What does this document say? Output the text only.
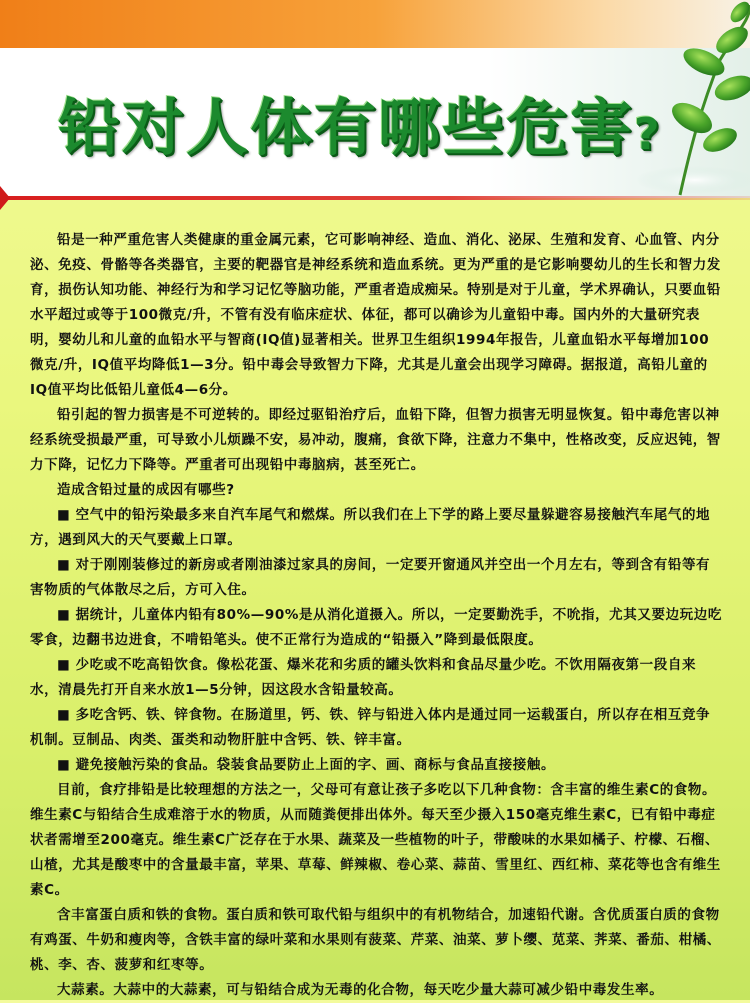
铅对人体有哪些危害?

铅是一种严重危害人类健康的重金属元素，它可影响神经、造血、消化、泌尿、生殖和发育、心血管、内分泌、免疫、骨骼等各类器官，主要的靶器官是神经系统和造血系统。更为严重的是它影响婴幼儿的生长和智力发育，损伤认知功能、神经行为和学习记忆等脑功能，严重者造成痴呆。特别是对于儿童，学术界确认，只要血铅水平超过或等于100微克/升，不管有没有临床症状、体征，都可以确诊为儿童铅中毒。国内外的大量研究表明，婴幼儿和儿童的血铅水平与智商(IQ值)显著相关。世界卫生组织1994年报告，儿童血铅水平每增加100微克/升，IQ值平均降低1—3分。铅中毒会导致智力下降，尤其是儿童会出现学习障碍。据报道，高铅儿童的IQ值平均比低铅儿童低4—6分。

铅引起的智力损害是不可逆转的。即经过驱铅治疗后，血铅下降，但智力损害无明显恢复。铅中毒危害以神经系统受损最严重，可导致小儿烦躁不安，易冲动，腹痛，食欲下降，注意力不集中，性格改变，反应迟钝，智力下降，记忆力下降等。严重者可出现铅中毒脑病，甚至死亡。

造成含铅过量的成因有哪些?

■ 空气中的铅污染最多来自汽车尾气和燃煤。所以我们在上下学的路上要尽量躲避容易接触汽车尾气的地方，遇到风大的天气要戴上口罩。

■ 对于刚刚装修过的新房或者刚油漆过家具的房间，一定要开窗通风并空出一个月左右，等到含有铅等有害物质的气体散尽之后，方可入住。

■ 据统计，儿童体内铅有80%—90%是从消化道摄入。所以，一定要勤洗手，不吮指，尤其又要边玩边吃零食，边翻书边进食，不啃铅笔头。使不正常行为造成的“铅摄入”降到最低限度。

■ 少吃或不吃高铅饮食。像松花蛋、爆米花和劣质的罐头饮料和食品尽量少吃。不饮用隔夜第一段自来水，清晨先打开自来水放1—5分钟，因这段水含铅量较高。

■ 多吃含钙、铁、锌食物。在肠道里，钙、铁、锌与铅进入体内是通过同一运载蛋白，所以存在相互竞争机制。豆制品、肉类、蛋类和动物肝脏中含钙、铁、锌丰富。

■ 避免接触污染的食品。袋装食品要防止上面的字、画、商标与食品直接接触。

目前，食疗排铅是比较理想的方法之一，父母可有意让孩子多吃以下几种食物：含丰富的维生素C的食物。维生素C与铅结合生成难溶于水的物质，从而随粪便排出体外。每天至少摄入150毫克维生素C，已有铅中毒症状者需增至200毫克。维生素C广泛存在于水果、蔬菜及一些植物的叶子，带酸味的水果如橘子、柠檬、石榴、山楂，尤其是酸枣中的含量最丰富，苹果、草莓、鲜辣椒、卷心菜、蒜苗、雪里红、西红柿、菜花等也含有维生素C。

含丰富蛋白质和铁的食物。蛋白质和铁可取代铅与组织中的有机物结合，加速铅代谢。含优质蛋白质的食物有鸡蛋、牛奶和瘦肉等，含铁丰富的绿叶菜和水果则有菠菜、芹菜、油菜、萝卜缨、苋菜、荠菜、番茄、柑橘、桃、李、杏、菠萝和红枣等。

大蒜素。大蒜中的大蒜素，可与铅结合成为无毒的化合物，每天吃少量大蒜可减少铅中毒发生率。
